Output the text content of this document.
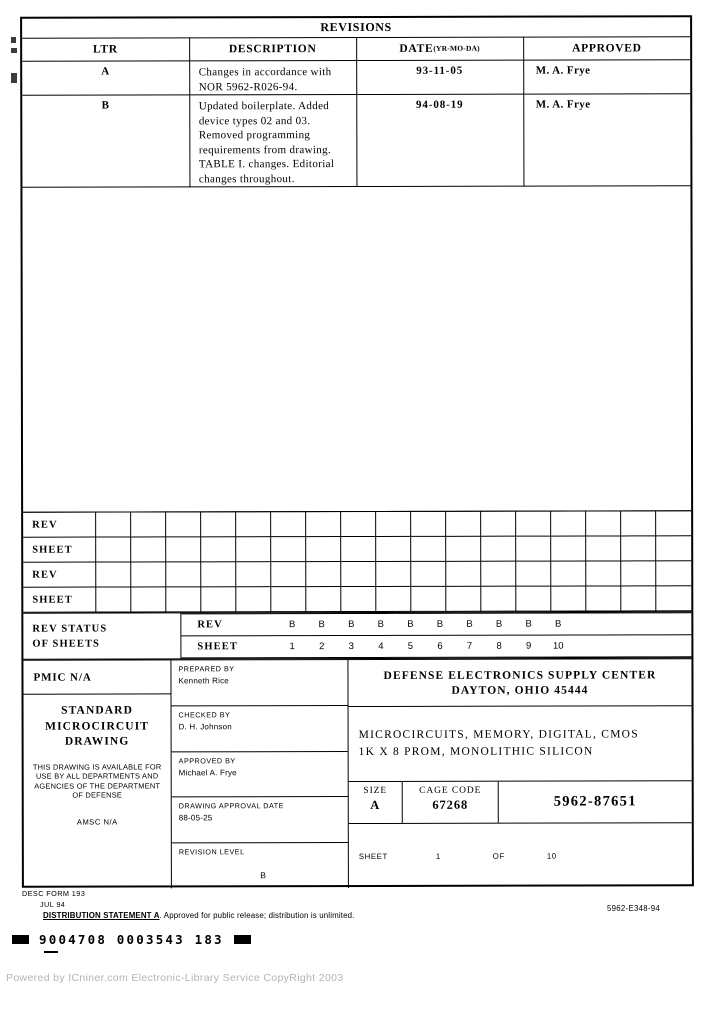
REVISIONS			
LTR	DESCRIPTION	DATE(YR-MO-DA)	APPROVED
A	Changes in accordance with NOR 5962-R026-94.	93-11-05	M. A. Frye
B	Updated boilerplate. Added device types 02 and 03. Removed programming requirements from drawing. TABLE I. changes. Editorial changes throughout.	94-08-19	M. A. Frye
REV																	
SHEET																	
REV																	
SHEET																	
REV STATUS
OF SHEETS

REV	B	B	B	B	B	B	B	B	B	B				
SHEET	1	2	3	4	5	6	7	8	9	10				
PMIC N/A
STANDARD
MICROCIRCUIT
DRAWING
THIS DRAWING IS AVAILABLE FOR USE BY ALL DEPARTMENTS AND AGENCIES OF THE DEPARTMENT OF DEFENSE
AMSC N/A
PREPARED BY
Kenneth Rice
CHECKED BY
D. H. Johnson
APPROVED BY
Michael A. Frye
DRAWING APPROVAL DATE
88-05-25
REVISION LEVEL
B
DEFENSE ELECTRONICS SUPPLY CENTER
DAYTON, OHIO 45444
MICROCIRCUITS, MEMORY, DIGITAL, CMOS
1K X 8 PROM, MONOLITHIC SILICON
SIZE
A
CAGE CODE
67268	5962-87651
SHEET	1	OF	10
DESC FORM 193
JUL 94
DISTRIBUTION STATEMENT A. Approved for public release; distribution is unlimited.
5962-E348-94
9004708 0003543 183
Powered by ICniner.com Electronic-Library Service CopyRight 2003
